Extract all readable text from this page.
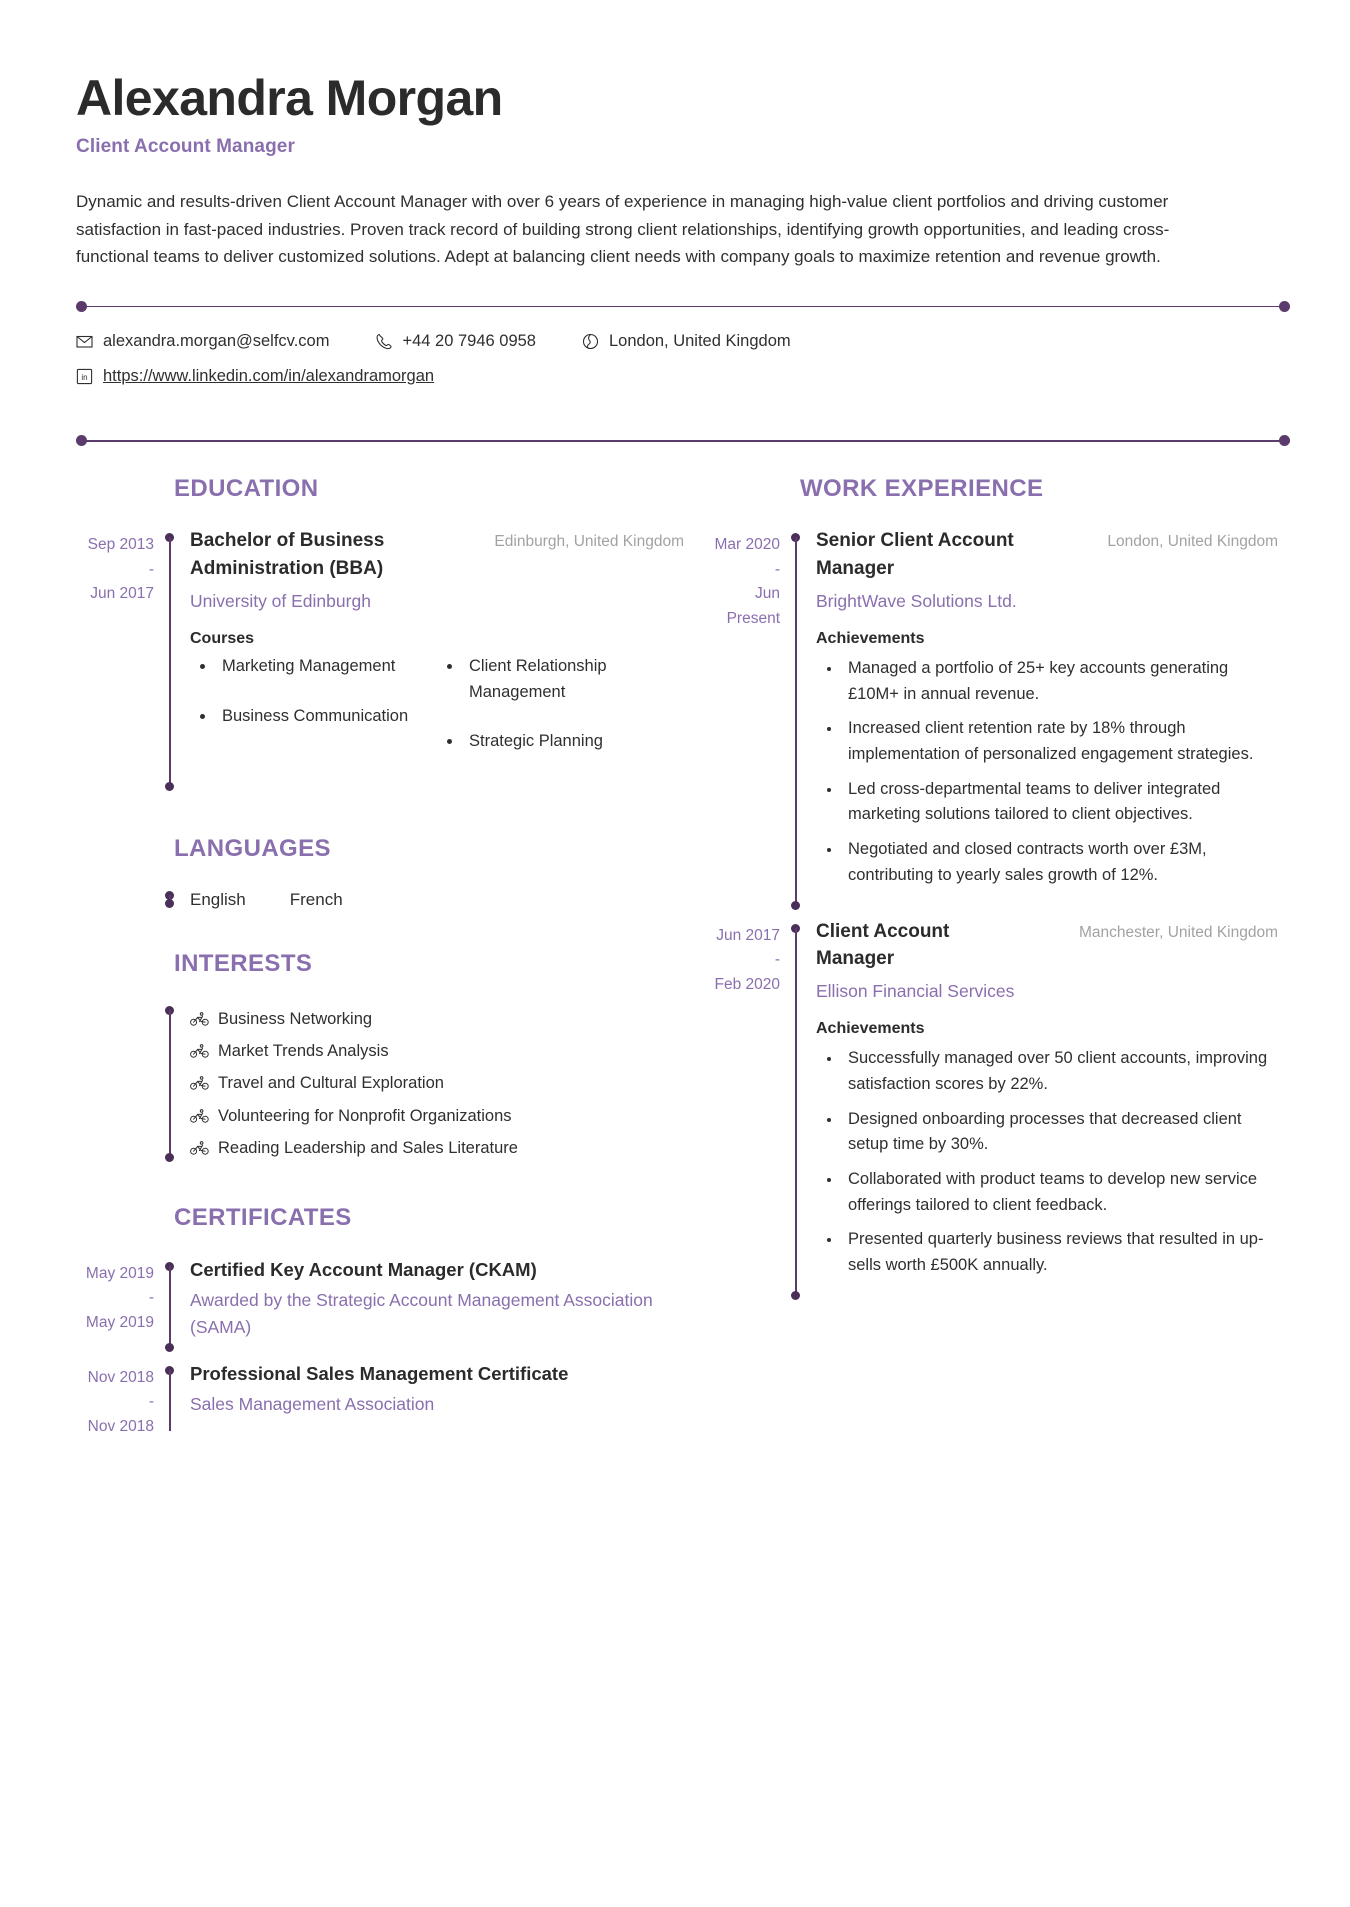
Alexandra Morgan
Client Account Manager

Dynamic and results-driven Client Account Manager with over 6 years of experience in managing high-value client portfolios and driving customer satisfaction in fast-paced industries. Proven track record of building strong client relationships, identifying growth opportunities, and leading cross-functional teams to deliver customized solutions. Adept at balancing client needs with company goals to maximize retention and revenue growth.

alexandra.morgan@selfcv.com	+44 20 7946 0958	London, United Kingdom
in https://www.linkedin.com/in/alexandramorgan
EDUCATION
Sep 2013
-
Jun 2017
Bachelor of Business Administration (BBA)
Edinburgh, United Kingdom
University of Edinburgh
Courses
• Marketing Management
• Business Communication
• Client Relationship Management
• Strategic Planning
LANGUAGES
English	French
INTERESTS
Business Networking
Market Trends Analysis
Travel and Cultural Exploration
Volunteering for Nonprofit Organizations
Reading Leadership and Sales Literature
CERTIFICATES
May 2019
-
May 2019
Certified Key Account Manager (CKAM)
Awarded by the Strategic Account Management Association (SAMA)
Nov 2018
-
Nov 2018
Professional Sales Management Certificate
Sales Management Association
WORK EXPERIENCE
Mar 2020
-
Jun
Present
Senior Client Account Manager
London, United Kingdom
BrightWave Solutions Ltd.
Achievements
• Managed a portfolio of 25+ key accounts generating £10M+ in annual revenue.
• Increased client retention rate by 18% through implementation of personalized engagement strategies.
• Led cross-departmental teams to deliver integrated marketing solutions tailored to client objectives.
• Negotiated and closed contracts worth over £3M, contributing to yearly sales growth of 12%.
Jun 2017
-
Feb 2020
Client Account Manager
Manchester, United Kingdom
Ellison Financial Services
Achievements
• Successfully managed over 50 client accounts, improving satisfaction scores by 22%.
• Designed onboarding processes that decreased client setup time by 30%.
• Collaborated with product teams to develop new service offerings tailored to client feedback.
• Presented quarterly business reviews that resulted in up-sells worth £500K annually.
